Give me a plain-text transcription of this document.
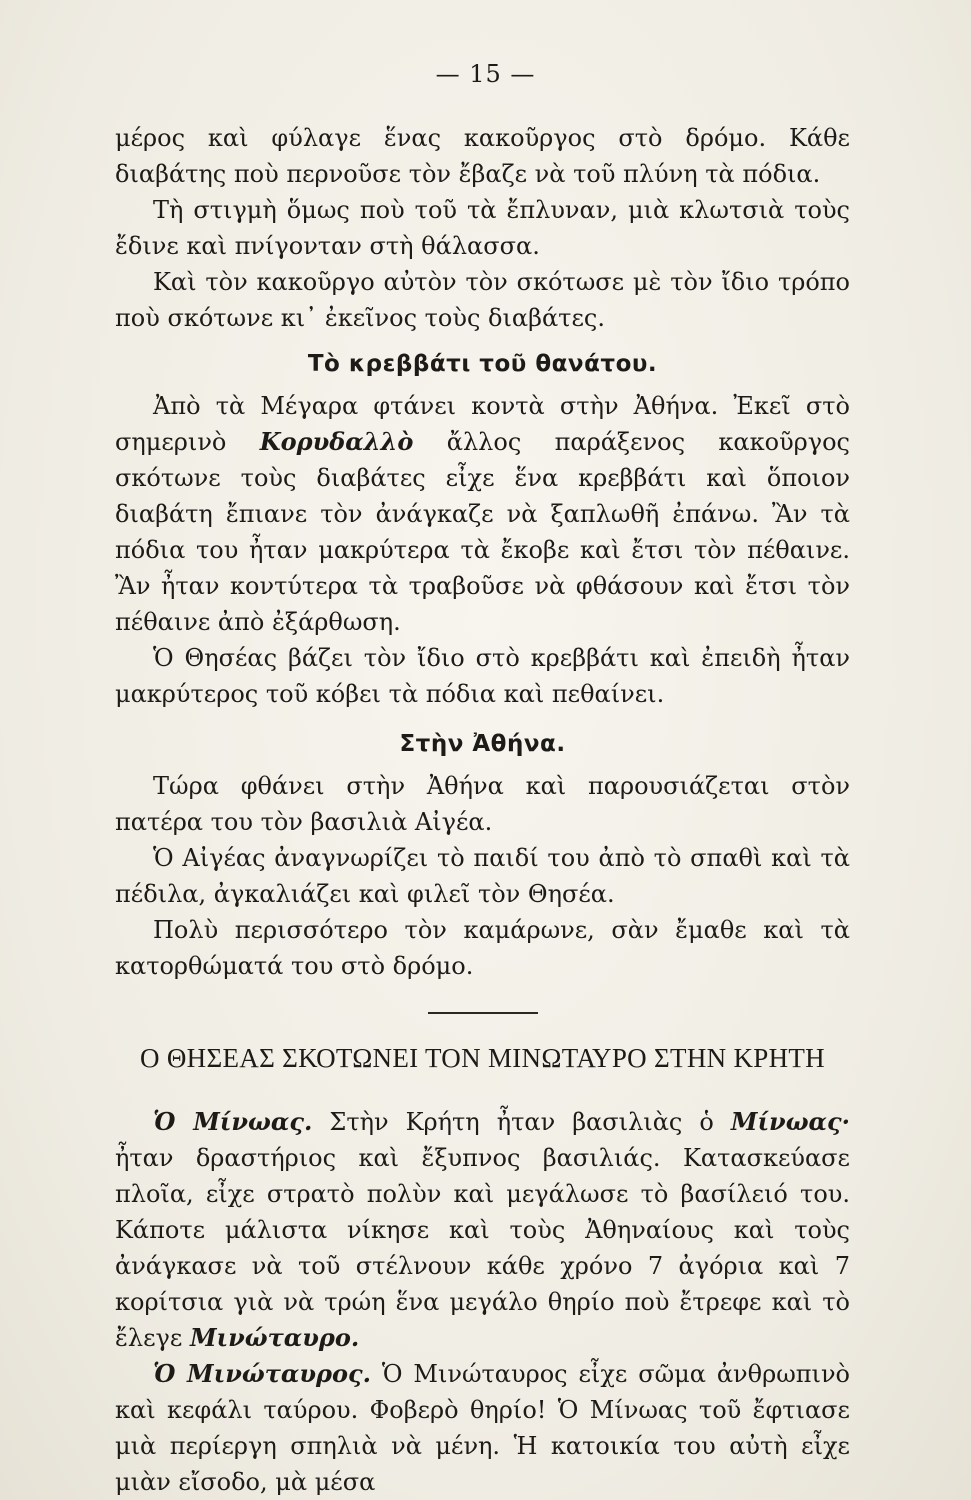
— 15 —

μέρος καὶ φύλαγε ἕνας κακοῦργος στὸ δρόμο. Κάθε διαβάτης ποὺ περνοῦσε τὸν ἔβαζε νὰ τοῦ πλύνη τὰ πόδια.

Τὴ στιγμὴ ὅμως ποὺ τοῦ τὰ ἔπλυναν, μιὰ κλωτσιὰ τοὺς ἔδινε καὶ πνίγονταν στὴ θάλασσα.

Καὶ τὸν κακοῦργο αὐτὸν τὸν σκότωσε μὲ τὸν ἴδιο τρόπο ποὺ σκότωνε κι᾽ ἐκεῖνος τοὺς διαβάτες.

Τὸ κρεββάτι τοῦ θανάτου.

Ἀπὸ τὰ Μέγαρα φτάνει κοντὰ στὴν Ἀθήνα. Ἐκεῖ στὸ σημερινὸ Κορυδαλλὸ ἄλλος παράξενος κακοῦργος σκότωνε τοὺς διαβάτες εἶχε ἕνα κρεββάτι καὶ ὅποιον διαβάτη ἔπιανε τὸν ἀνάγκαζε νὰ ξαπλωθῆ ἐπάνω. Ἂν τὰ πόδια του ἦταν μακρύτερα τὰ ἔκοβε καὶ ἔτσι τὸν πέθαινε. Ἂν ἦταν κοντύτερα τὰ τραβοῦσε νὰ φθάσουν καὶ ἔτσι τὸν πέθαινε ἀπὸ ἐξάρθωση.

Ὁ Θησέας βάζει τὸν ἴδιο στὸ κρεββάτι καὶ ἐπειδὴ ἦταν μακρύτερος τοῦ κόβει τὰ πόδια καὶ πεθαίνει.

Στὴν Ἀθήνα.

Τώρα φθάνει στὴν Ἀθήνα καὶ παρουσιάζεται στὸν πατέρα του τὸν βασιλιὰ Αἰγέα.

Ὁ Αἰγέας ἀναγνωρίζει τὸ παιδί του ἀπὸ τὸ σπαθὶ καὶ τὰ πέδιλα, ἀγκαλιάζει καὶ φιλεῖ τὸν Θησέα.

Πολὺ περισσότερο τὸν καμάρωνε, σὰν ἔμαθε καὶ τὰ κατορθώματά του στὸ δρόμο.

Ο ΘΗΣΕΑΣ ΣΚΟΤΩΝΕΙ ΤΟΝ ΜΙΝΩΤΑΥΡΟ ΣΤΗΝ ΚΡΗΤΗ

Ὁ Μίνωας. Στὴν Κρήτη ἦταν βασιλιὰς ὁ Μίνωας· ἦταν δραστήριος καὶ ἔξυπνος βασιλιάς. Κατασκεύασε πλοῖα, εἶχε στρατὸ πολὺν καὶ μεγάλωσε τὸ βασίλειό του. Κάποτε μάλιστα νίκησε καὶ τοὺς Ἀθηναίους καὶ τοὺς ἀνάγκασε νὰ τοῦ στέλνουν κάθε χρόνο 7 ἀγόρια καὶ 7 κορίτσια γιὰ νὰ τρώη ἕνα μεγάλο θηρίο ποὺ ἔτρεφε καὶ τὸ ἔλεγε Μινώταυρο.

Ὁ Μινώταυρος. Ὁ Μινώταυρος εἶχε σῶμα ἀνθρωπινὸ καὶ κεφάλι ταύρου. Φοβερὸ θηρίο! Ὁ Μίνωας τοῦ ἔφτιασε μιὰ περίεργη σπηλιὰ νὰ μένη. Ἡ κατοικία του αὐτὴ εἶχε μιὰν εἴσοδο, μὰ μέσα
